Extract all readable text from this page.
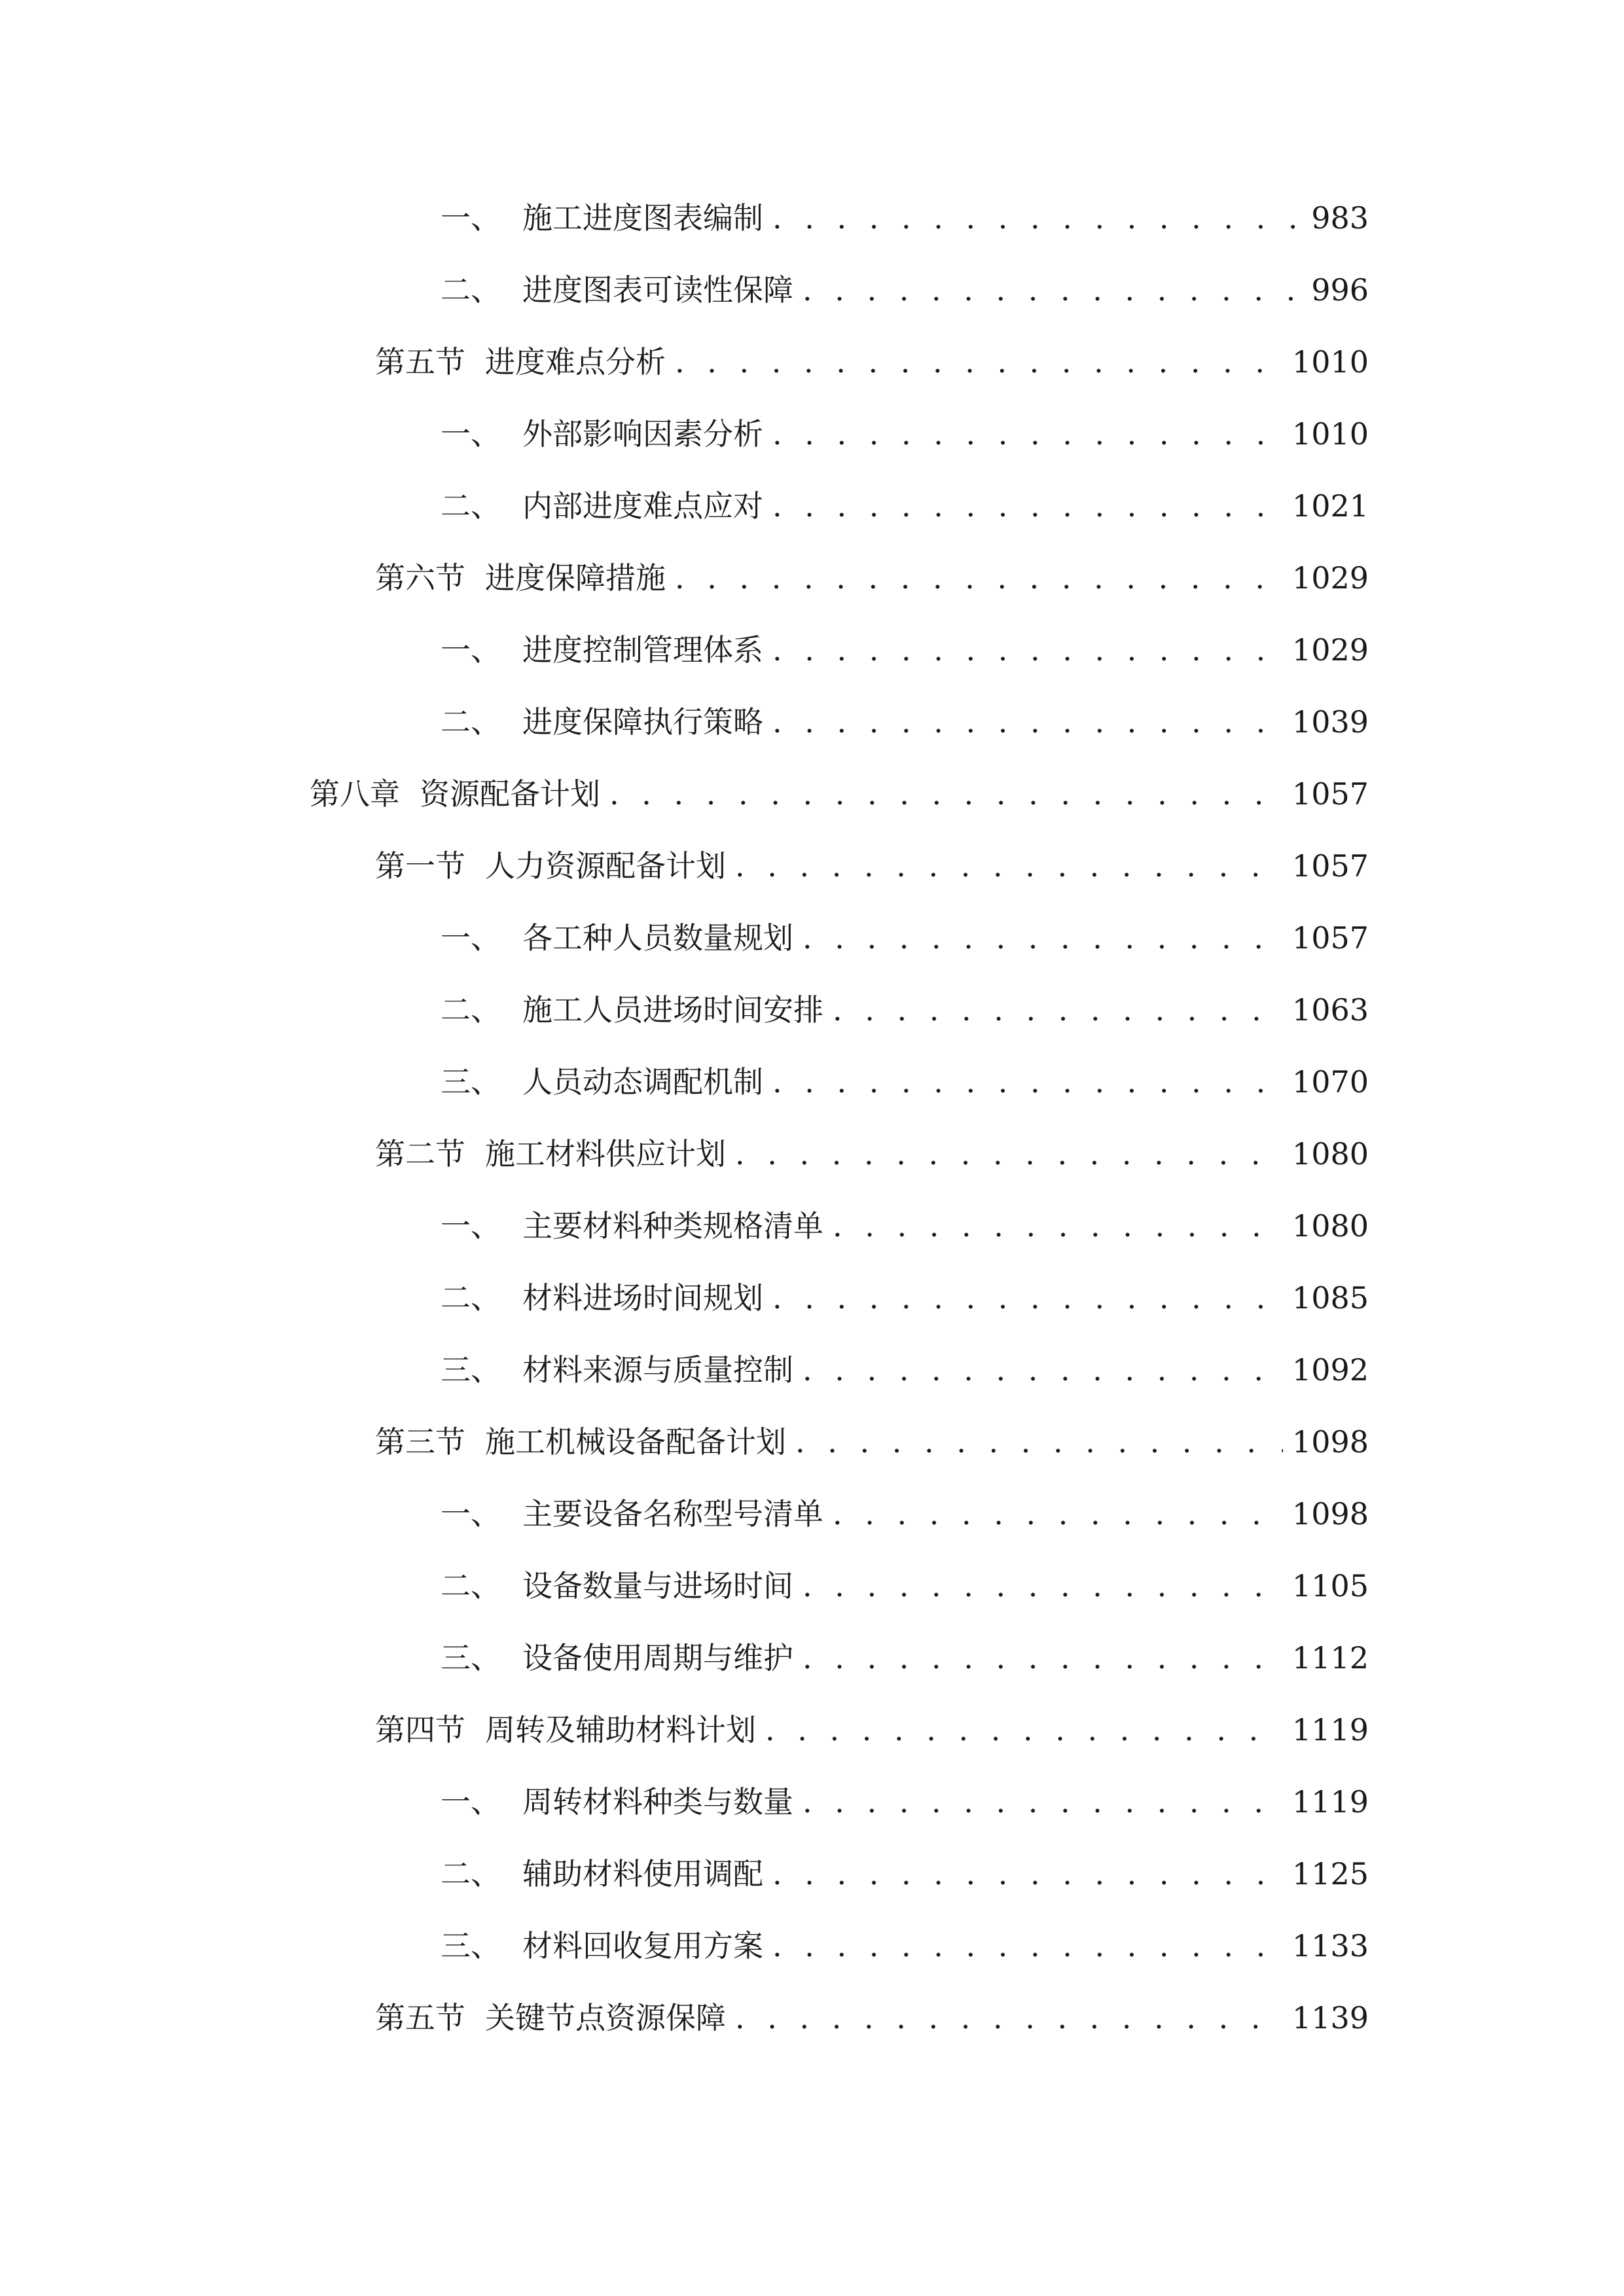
一、 施工进度图表编制 . . .	983
二、 进度图表可读性保障 . . .	996
第五节 进度难点分析 . . .	1010
一、 外部影响因素分析 . . .	1010
二、 内部进度难点应对 . . .	1021
第六节 进度保障措施 . . .	1029
一、 进度控制管理体系 . . .	1029
二、 进度保障执行策略 . . .	1039
第八章 资源配备计划 . . .	1057
第一节 人力资源配备计划 . . .	1057
一、 各工种人员数量规划 . . .	1057
二、 施工人员进场时间安排 . . .	1063
三、 人员动态调配机制 . . .	1070
第二节 施工材料供应计划 . . .	1080
一、 主要材料种类规格清单 . . .	1080
二、 材料进场时间规划 . . .	1085
三、 材料来源与质量控制 . . .	1092
第三节 施工机械设备配备计划 . . .	1098
一、 主要设备名称型号清单 . . .	1098
二、 设备数量与进场时间 . . .	1105
三、 设备使用周期与维护 . . .	1112
第四节 周转及辅助材料计划 . . .	1119
一、 周转材料种类与数量 . . .	1119
二、 辅助材料使用调配 . . .	1125
三、 材料回收复用方案 . . .	1133
第五节 关键节点资源保障 . . .	1139
